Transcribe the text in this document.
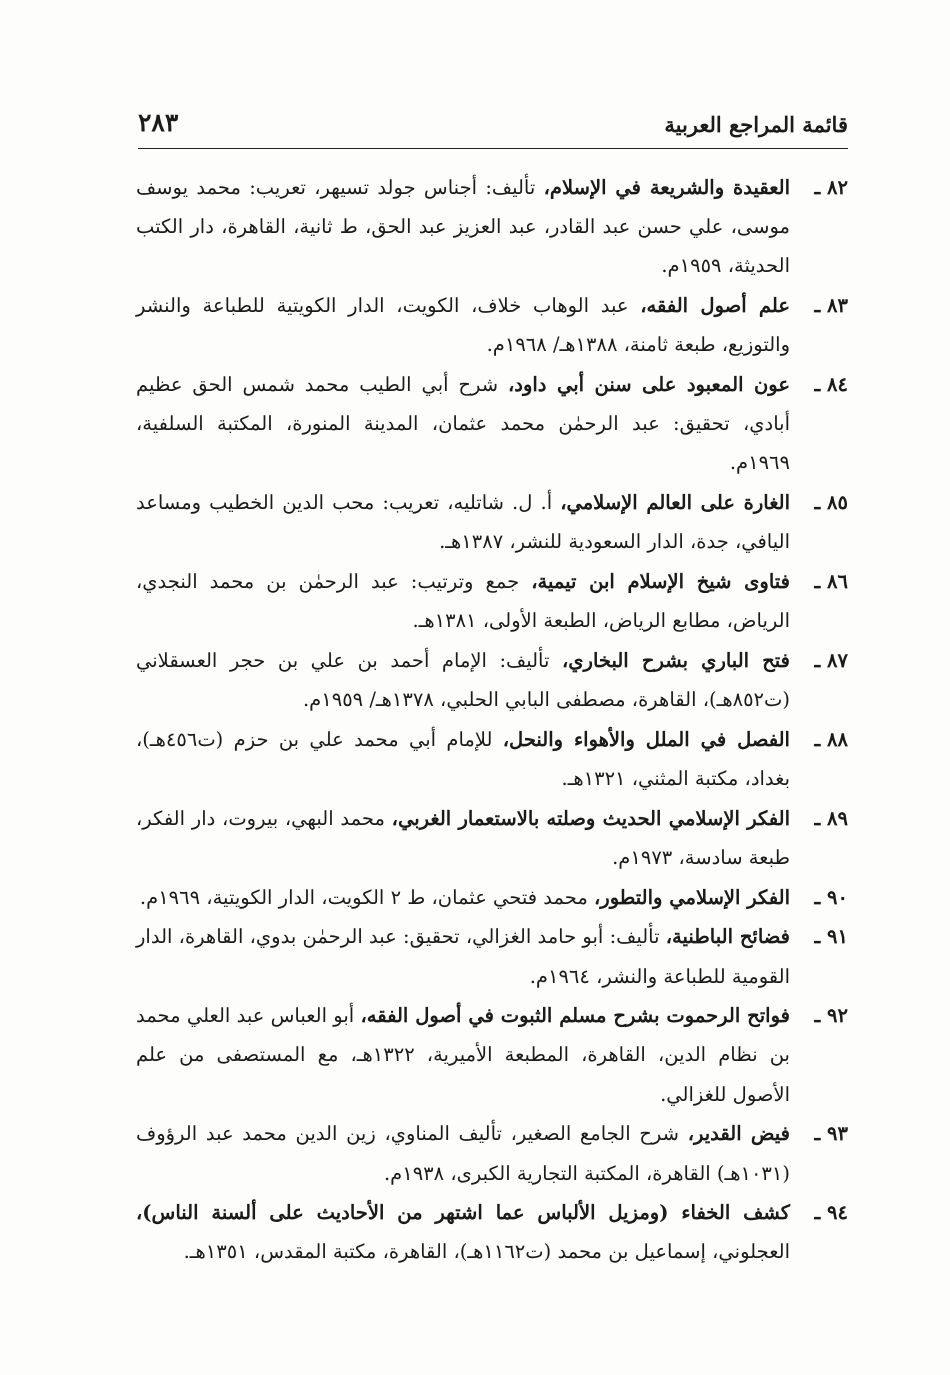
قائمة المراجع العربية
٢٨٣
٨٢ ـ
العقيدة والشريعة في الإسلام، تأليف: أجناس جولد تسيهر، تعريب: محمد يوسف موسى، علي حسن عبد القادر، عبد العزيز عبد الحق، ط ثانية، القاهرة، دار الكتب الحديثة، ١٩٥٩م.
٨٣ ـ
علم أصول الفقه، عبد الوهاب خلاف، الكويت، الدار الكويتية للطباعة والنشر والتوزيع، طبعة ثامنة، ١٣٨٨هـ/ ١٩٦٨م.
٨٤ ـ
عون المعبود على سنن أبي داود، شرح أبي الطيب محمد شمس الحق عظيم أبادي، تحقيق: عبد الرحمٰن محمد عثمان، المدينة المنورة، المكتبة السلفية، ١٩٦٩م.
٨٥ ـ
الغارة على العالم الإسلامي، أ. ل. شاتليه، تعريب: محب الدين الخطيب ومساعد اليافي، جدة، الدار السعودية للنشر، ١٣٨٧هـ.
٨٦ ـ
فتاوى شيخ الإسلام ابن تيمية، جمع وترتيب: عبد الرحمٰن بن محمد النجدي، الرياض، مطابع الرياض، الطبعة الأولى، ١٣٨١هـ.
٨٧ ـ
فتح الباري بشرح البخاري، تأليف: الإمام أحمد بن علي بن حجر العسقلاني (ت٨٥٢هـ)، القاهرة، مصطفى البابي الحلبي، ١٣٧٨هـ/ ١٩٥٩م.
٨٨ ـ
الفصل في الملل والأهواء والنحل، للإمام أبي محمد علي بن حزم (ت٤٥٦هـ)، بغداد، مكتبة المثني، ١٣٢١هـ.
٨٩ ـ
الفكر الإسلامي الحديث وصلته بالاستعمار الغربي، محمد البهي، بيروت، دار الفكر، طبعة سادسة، ١٩٧٣م.
٩٠ ـ
الفكر الإسلامي والتطور، محمد فتحي عثمان، ط ٢ الكويت، الدار الكويتية، ١٩٦٩م.
٩١ ـ
فضائح الباطنية، تأليف: أبو حامد الغزالي، تحقيق: عبد الرحمٰن بدوي، القاهرة، الدار القومية للطباعة والنشر، ١٩٦٤م.
٩٢ ـ
فواتح الرحموت بشرح مسلم الثبوت في أصول الفقه، أبو العباس عبد العلي محمد بن نظام الدين، القاهرة، المطبعة الأميرية، ١٣٢٢هـ، مع المستصفى من علم الأصول للغزالي.
٩٣ ـ
فيض القدير، شرح الجامع الصغير، تأليف المناوي، زين الدين محمد عبد الرؤوف (١٠٣١هـ) القاهرة، المكتبة التجارية الكبرى، ١٩٣٨م.
٩٤ ـ
كشف الخفاء (ومزيل الألباس عما اشتهر من الأحاديث على ألسنة الناس)، العجلوني، إسماعيل بن محمد (ت١١٦٢هـ)، القاهرة، مكتبة المقدس، ١٣٥١هـ.
